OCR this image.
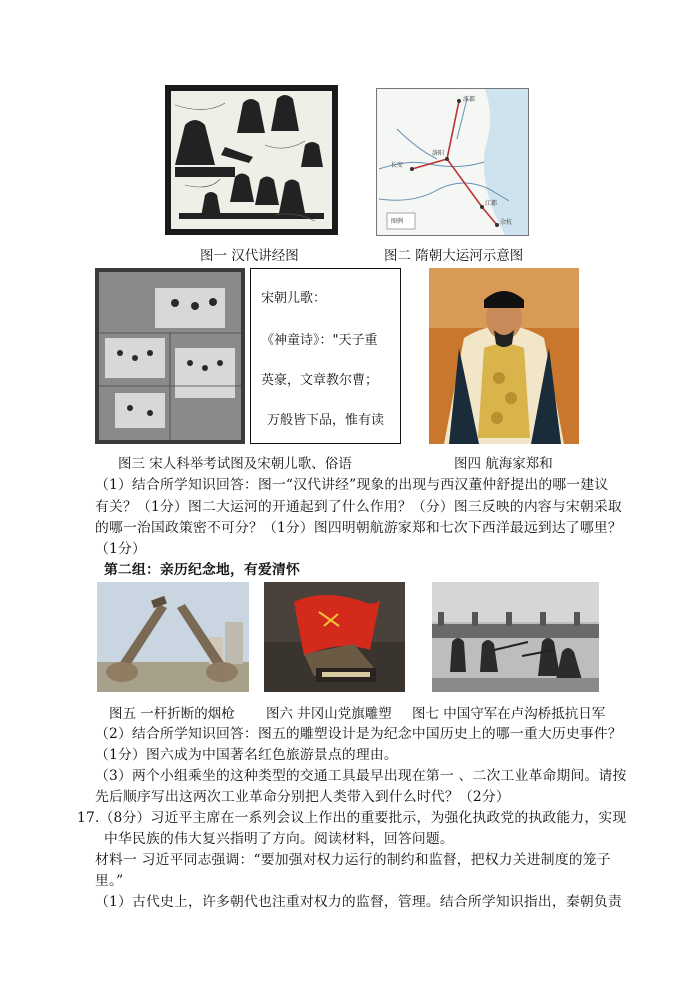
图一 汉代讲经图
涿郡
洛阳
长安
江都
余杭
图例
图二 隋朝大运河示意图
宋朝儿歌：
《神童诗》："天子重
英豪，文章教尔曹；
万般皆下品，惟有读
图三 宋人科举考试图及宋朝儿歌、俗语	图四 航海家郑和
（1）结合所学知识回答：图一“汉代讲经”现象的出现与西汉董仲舒提出的哪一建议
有关？（1分）图二大运河的开通起到了什么作用？（分）图三反映的内容与宋朝采取
的哪一治国政策密不可分？（1分）图四明朝航游家郑和七次下西洋最远到达了哪里？
（1分）
第二组：亲历纪念地，有爱清怀
图五 一杆折断的烟枪 图六 井冈山党旗雕塑 图七 中国守军在卢沟桥抵抗日军
（2）结合所学知识回答：图五的雕塑设计是为纪念中国历史上的哪一重大历史事件？
（1分）图六成为中国著名红色旅游景点的理由。
（3）两个小组乘坐的这种类型的交通工具最早出现在第一 、二次工业革命期间。请按
先后顺序写出这两次工业革命分别把人类带入到什么时代？（2分）
17.（8分）习近平主席在一系列会议上作出的重要批示，为强化执政党的执政能力，实现
中华民族的伟大复兴指明了方向。阅读材料，回答问题。
材料一 习近平同志强调：“要加强对权力运行的制约和监督，把权力关进制度的笼子
里。”
（1）古代史上，许多朝代也注重对权力的监督，管理。结合所学知识指出，秦朝负责
